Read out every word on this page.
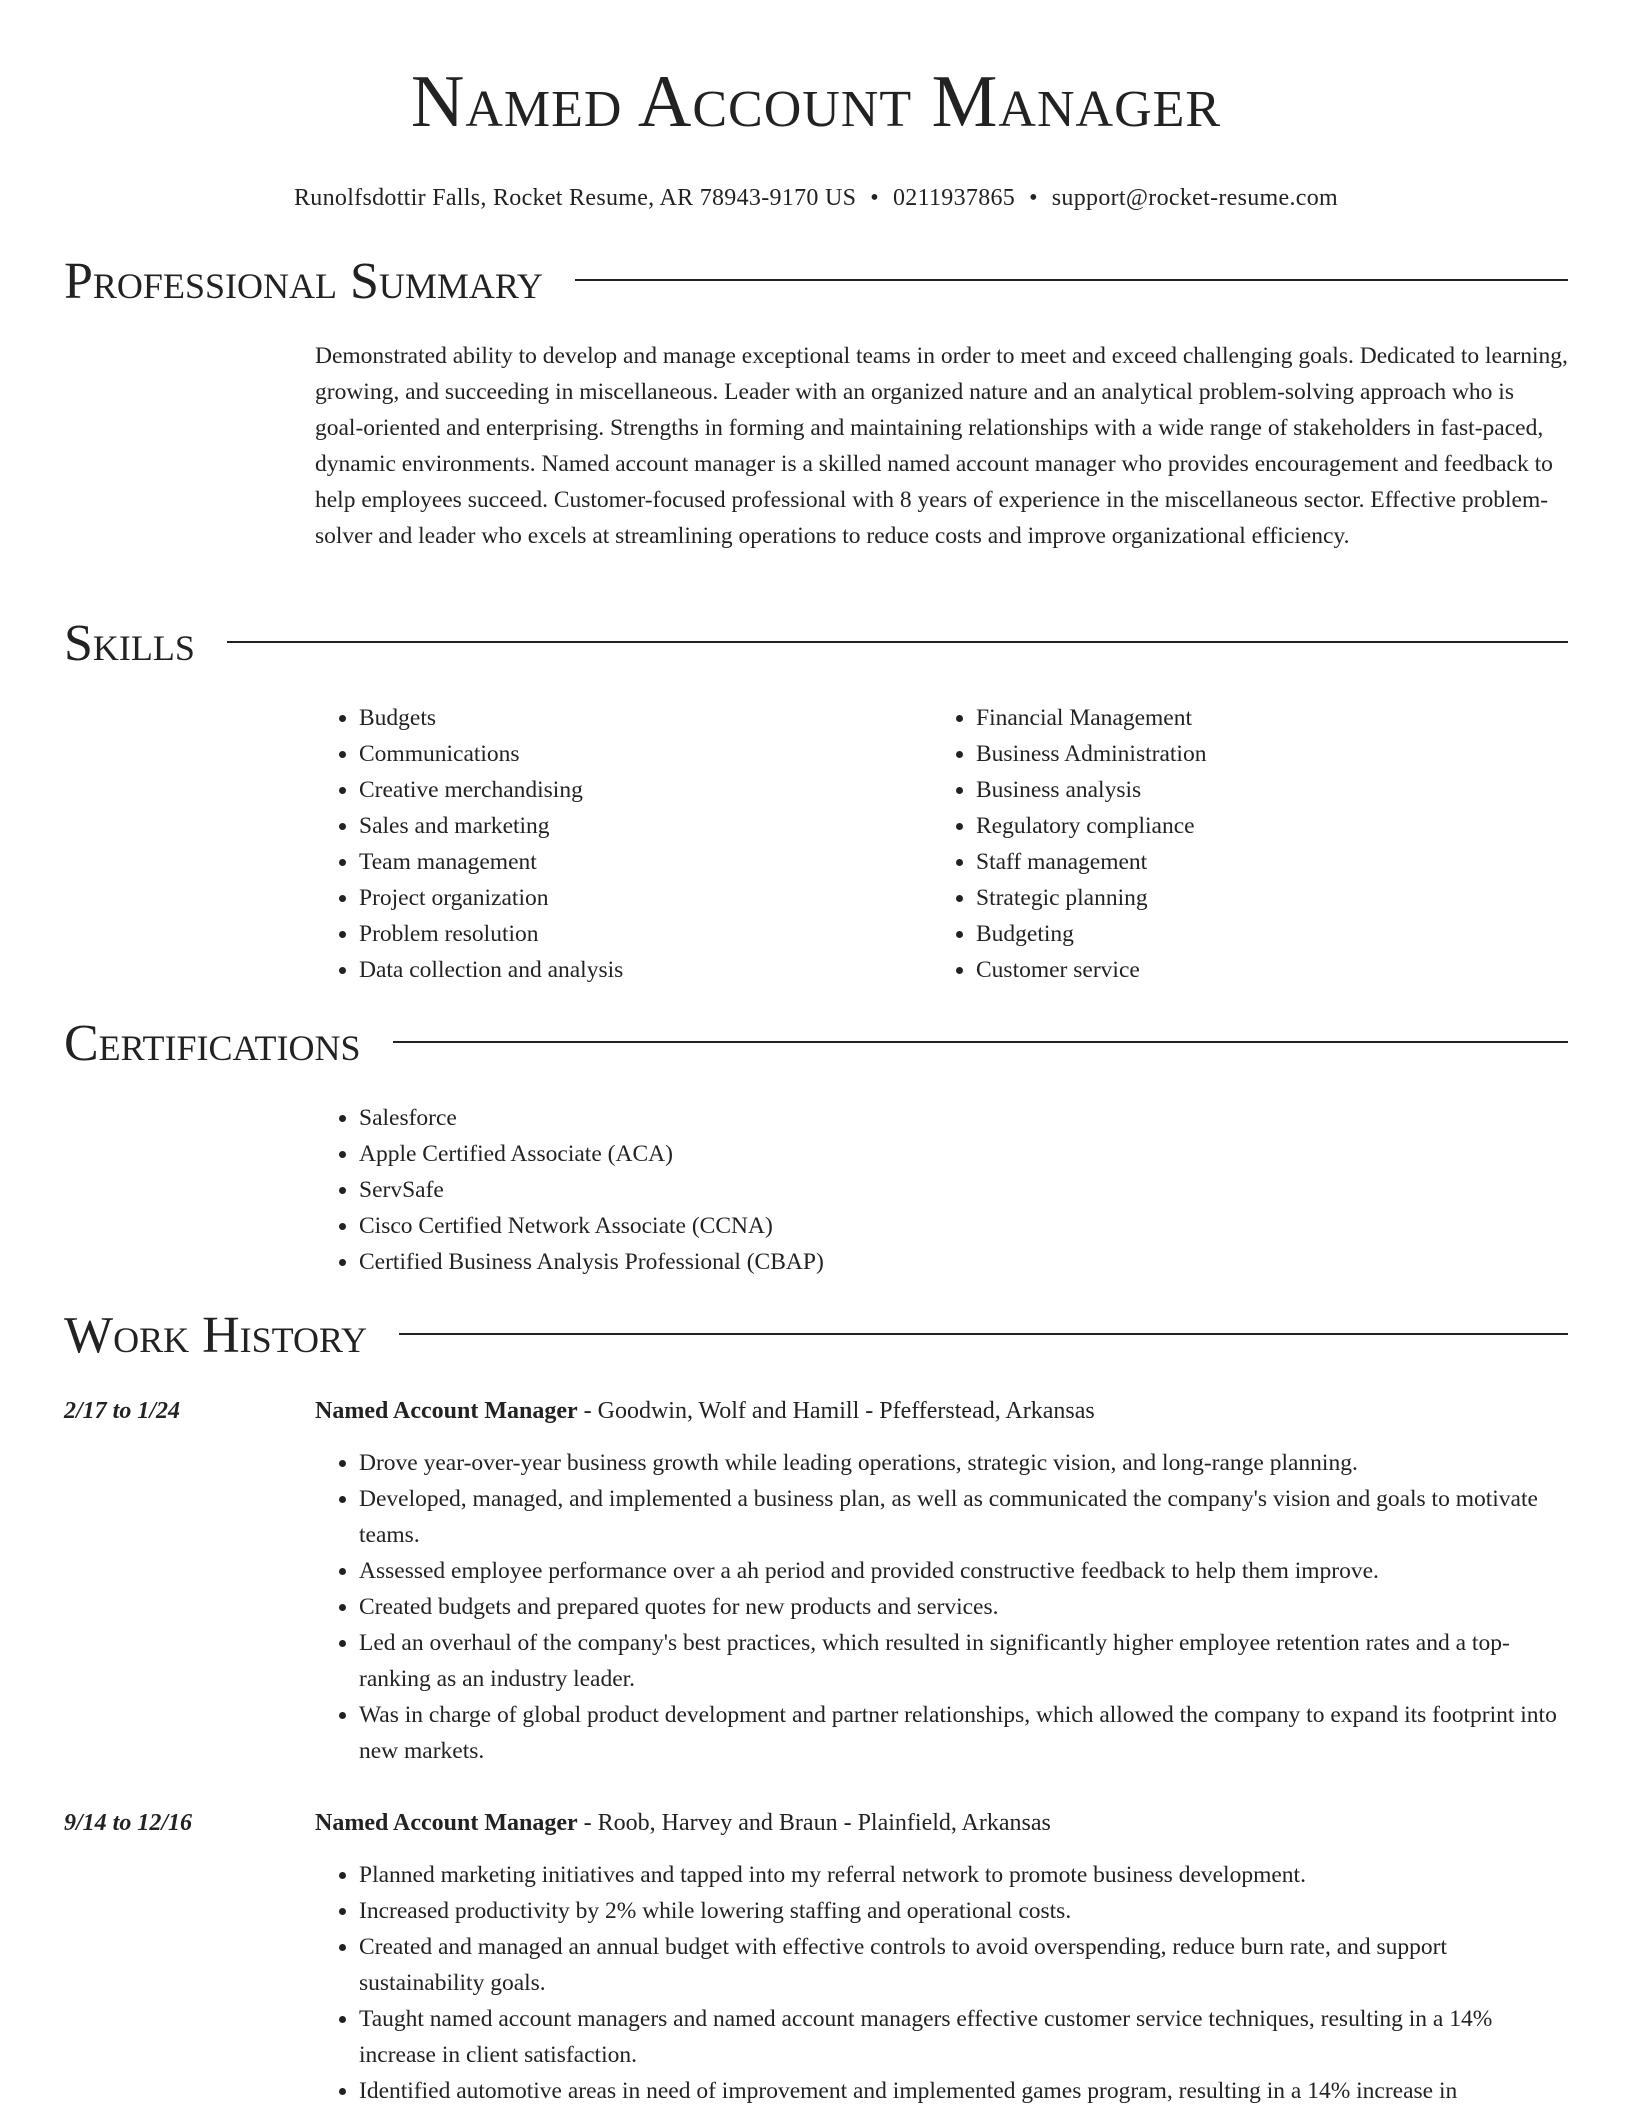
Named Account Manager
Runolfsdottir Falls, Rocket Resume, AR 78943-9170 US • 0211937865 • support@rocket-resume.com
Professional Summary

Demonstrated ability to develop and manage exceptional teams in order to meet and exceed challenging goals. Dedicated to learning, growing, and succeeding in miscellaneous. Leader with an organized nature and an analytical problem-solving approach who is goal-oriented and enterprising. Strengths in forming and maintaining relationships with a wide range of stakeholders in fast-paced, dynamic environments. Named account manager is a skilled named account manager who provides encouragement and feedback to help employees succeed. Customer-focused professional with 8 years of experience in the miscellaneous sector. Effective problem-solver and leader who excels at streamlining operations to reduce costs and improve organizational efficiency.

Skills
• Budgets
• Communications
• Creative merchandising
• Sales and marketing
• Team management
• Project organization
• Problem resolution
• Data collection and analysis
• Financial Management
• Business Administration
• Business analysis
• Regulatory compliance
• Staff management
• Strategic planning
• Budgeting
• Customer service
Certifications
• Salesforce
• Apple Certified Associate (ACA)
• ServSafe
• Cisco Certified Network Associate (CCNA)
• Certified Business Analysis Professional (CBAP)
Work History
2/17 to 1/24	Named Account Manager - Goodwin, Wolf and Hamill - Pfefferstead, Arkansas
• Drove year-over-year business growth while leading operations, strategic vision, and long-range planning.
• Developed, managed, and implemented a business plan, as well as communicated the company's vision and goals to motivate teams.
• Assessed employee performance over a ah period and provided constructive feedback to help them improve.
• Created budgets and prepared quotes for new products and services.
• Led an overhaul of the company's best practices, which resulted in significantly higher employee retention rates and a top-ranking as an industry leader.
• Was in charge of global product development and partner relationships, which allowed the company to expand its footprint into new markets.
9/14 to 12/16	Named Account Manager - Roob, Harvey and Braun - Plainfield, Arkansas
• Planned marketing initiatives and tapped into my referral network to promote business development.
• Increased productivity by 2% while lowering staffing and operational costs.
• Created and managed an annual budget with effective controls to avoid overspending, reduce burn rate, and support sustainability goals.
• Taught named account managers and named account managers effective customer service techniques, resulting in a 14% increase in client satisfaction.
• Identified automotive areas in need of improvement and implemented games program, resulting in a 14% increase in
